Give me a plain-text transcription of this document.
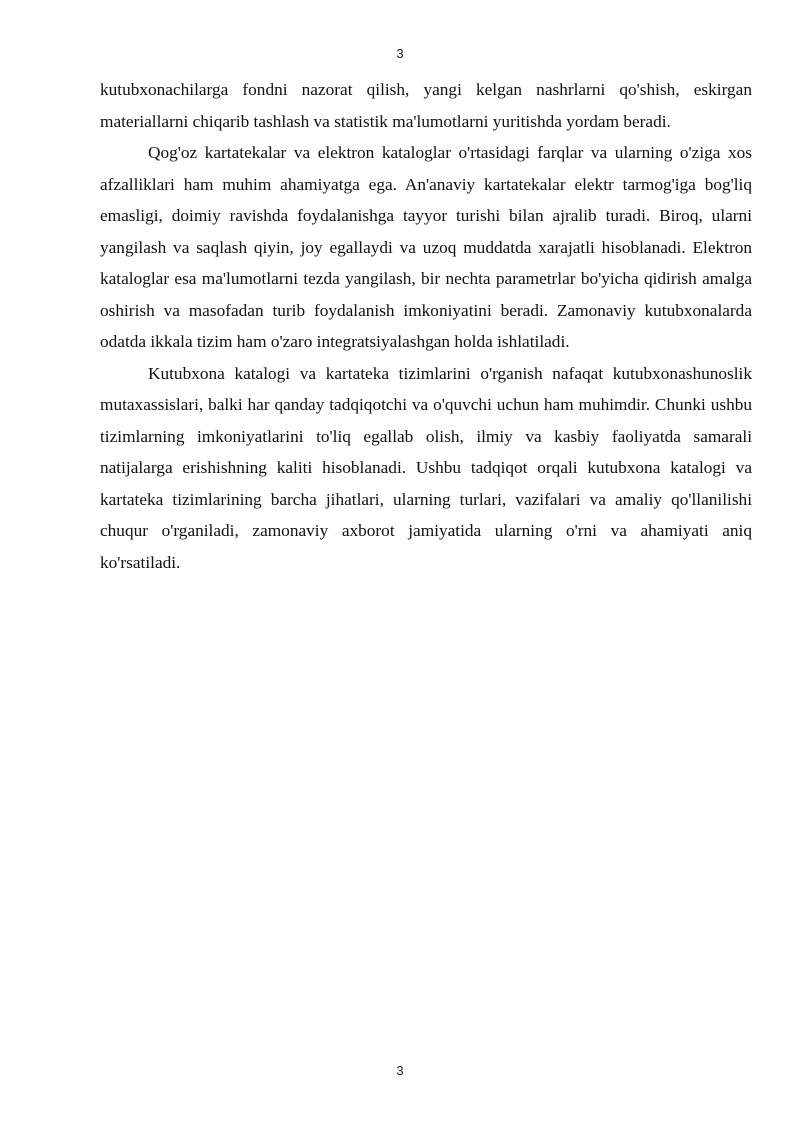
3

kutubxonachilarga fondni nazorat qilish, yangi kelgan nashrlarni qo'shish, eskirgan materiallarni chiqarib tashlash va statistik ma'lumotlarni yuritishda yordam beradi.

Qog'oz kartatekalar va elektron kataloglar o'rtasidagi farqlar va ularning o'ziga xos afzalliklari ham muhim ahamiyatga ega. An'anaviy kartatekalar elektr tarmog'iga bog'liq emasligi, doimiy ravishda foydalanishga tayyor turishi bilan ajralib turadi. Biroq, ularni yangilash va saqlash qiyin, joy egallaydi va uzoq muddatda xarajatli hisoblanadi. Elektron kataloglar esa ma'lumotlarni tezda yangilash, bir nechta parametrlar bo'yicha qidirish amalga oshirish va masofadan turib foydalanish imkoniyatini beradi. Zamonaviy kutubxonalarda odatda ikkala tizim ham o'zaro integratsiyalashgan holda ishlatiladi.

Kutubxona katalogi va kartateka tizimlarini o'rganish nafaqat kutubxonashunoslik mutaxassislari, balki har qanday tadqiqotchi va o'quvchi uchun ham muhimdir. Chunki ushbu tizimlarning imkoniyatlarini to'liq egallab olish, ilmiy va kasbiy faoliyatda samarali natijalarga erishishning kaliti hisoblanadi. Ushbu tadqiqot orqali kutubxona katalogi va kartateka tizimlarining barcha jihatlari, ularning turlari, vazifalari va amaliy qo'llanilishi chuqur o'rganiladi, zamonaviy axborot jamiyatida ularning o'rni va ahamiyati aniq ko'rsatiladi.

3
